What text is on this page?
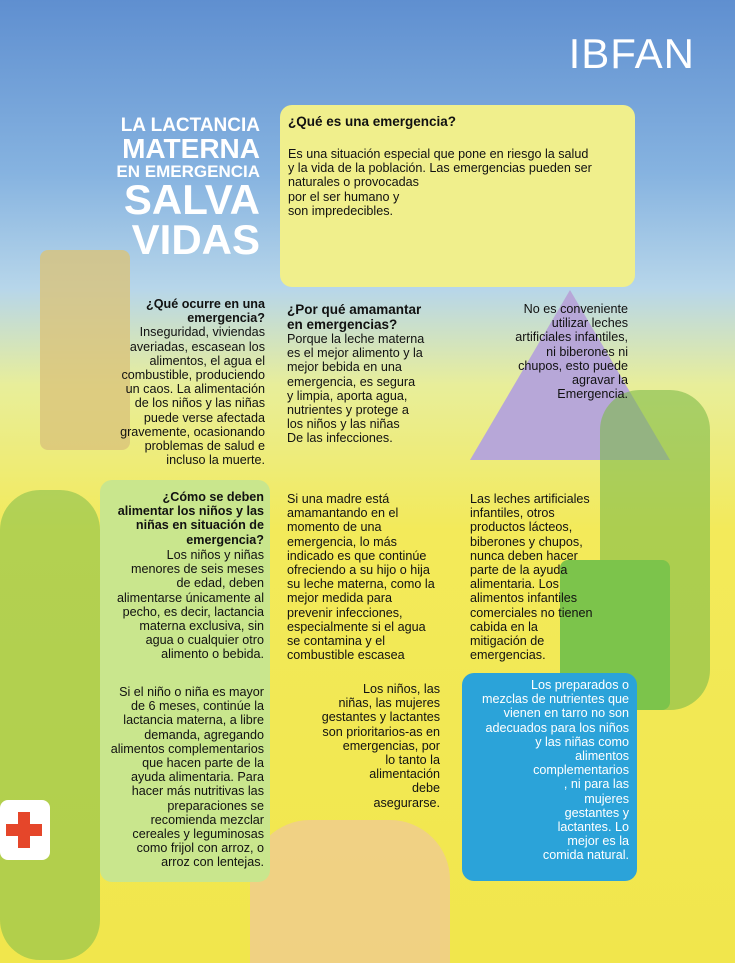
IBFAN
LA LACTANCIA
MATERNA
EN EMERGENCIA
SALVA
VIDAS
¿Qué es una emergencia?
Es una situación especial que pone en riesgo la salud
y la vida de la población. Las emergencias pueden ser
naturales o provocadas
por el ser humano y
son impredecibles.
¿Qué ocurre en una
emergencia?
Inseguridad, viviendas
averiadas, escasean los
alimentos, el agua el
combustible, produciendo
un caos. La alimentación
de los niños y las niñas
puede verse afectada
gravemente, ocasionando
problemas de salud e
incluso la muerte.
¿Por qué amamantar
en emergencias?
Porque la leche materna
es el mejor alimento y la
mejor bebida en una
emergencia, es segura
y limpia, aporta agua,
nutrientes y protege a
los niños y las niñas
De las infecciones.
No es conveniente
utilizar leches
artificiales infantiles,
ni biberones ni
chupos, esto puede
agravar la
Emergencia.
¿Cómo se deben
alimentar los niños y las
niñas en situación de
emergencia?
Los niños y niñas
menores de seis meses
de edad, deben
alimentarse únicamente al
pecho, es decir, lactancia
materna exclusiva, sin
agua o cualquier otro
alimento o bebida.
Si el niño o niña es mayor
de 6 meses, continúe la
lactancia materna, a libre
demanda, agregando
alimentos complementarios
que hacen parte de la
ayuda alimentaria. Para
hacer más nutritivas las
preparaciones se
recomienda mezclar
cereales y leguminosas
como frijol con arroz, o
arroz con lentejas.
Si una madre está
amamantando en el
momento de una
emergencia, lo más
indicado es que continúe
ofreciendo a su hijo o hija
su leche materna, como la
mejor medida para
prevenir infecciones,
especialmente si el agua
se contamina y el
combustible escasea
Las leches artificiales
infantiles, otros
productos lácteos,
biberones y chupos,
nunca deben hacer
parte de la ayuda
alimentaria. Los
alimentos infantiles
comerciales no tienen
cabida en la
mitigación de
emergencias.
Los niños, las
niñas, las mujeres
gestantes y lactantes
son prioritarios-as en
emergencias, por
lo tanto la
alimentación
debe
asegurarse.
Los preparados o
mezclas de nutrientes que
vienen en tarro no son
adecuados para los niños
y las niñas como
alimentos
complementarios
, ni para las
mujeres
gestantes y
lactantes. Lo
mejor es la
comida natural.
